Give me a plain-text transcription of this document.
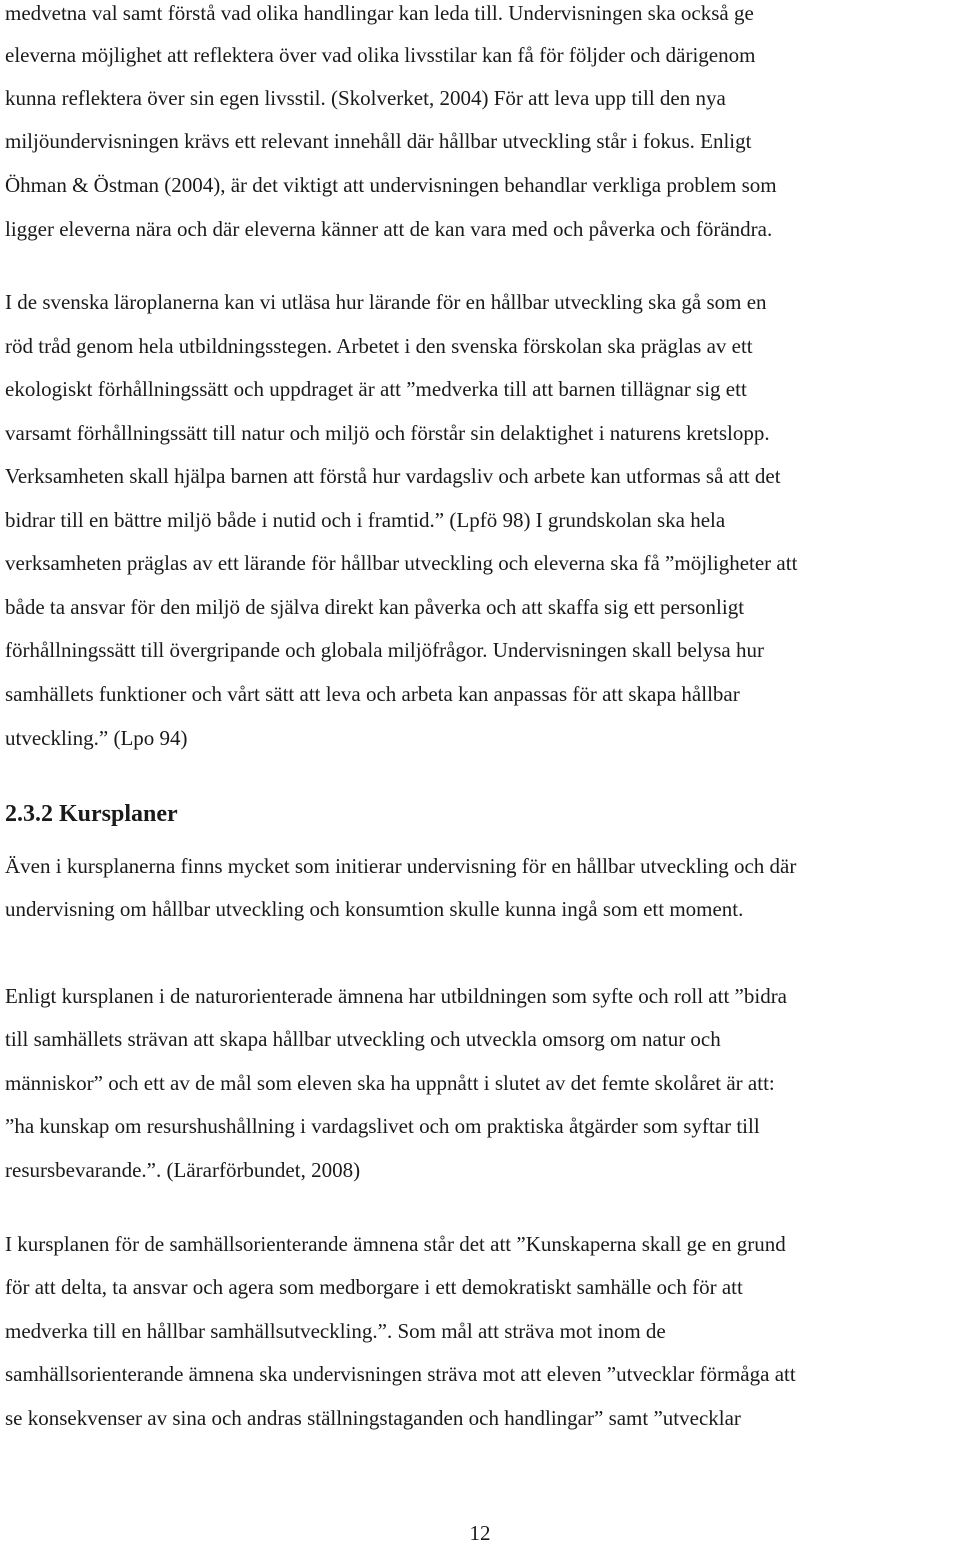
medvetna val samt förstå vad olika handlingar kan leda till. Undervisningen ska också ge
eleverna möjlighet att reflektera över vad olika livsstilar kan få för följder och därigenom
kunna reflektera över sin egen livsstil. (Skolverket, 2004) För att leva upp till den nya
miljöundervisningen krävs ett relevant innehåll där hållbar utveckling står i fokus. Enligt
Öhman & Östman (2004), är det viktigt att undervisningen behandlar verkliga problem som
ligger eleverna nära och där eleverna känner att de kan vara med och påverka och förändra.
I de svenska läroplanerna kan vi utläsa hur lärande för en hållbar utveckling ska gå som en
röd tråd genom hela utbildningsstegen. Arbetet i den svenska förskolan ska präglas av ett
ekologiskt förhållningssätt och uppdraget är att ”medverka till att barnen tillägnar sig ett
varsamt förhållningssätt till natur och miljö och förstår sin delaktighet i naturens kretslopp.
Verksamheten skall hjälpa barnen att förstå hur vardagsliv och arbete kan utformas så att det
bidrar till en bättre miljö både i nutid och i framtid.” (Lpfö 98) I grundskolan ska hela
verksamheten präglas av ett lärande för hållbar utveckling och eleverna ska få ”möjligheter att
både ta ansvar för den miljö de själva direkt kan påverka och att skaffa sig ett personligt
förhållningssätt till övergripande och globala miljöfrågor. Undervisningen skall belysa hur
samhällets funktioner och vårt sätt att leva och arbeta kan anpassas för att skapa hållbar
utveckling.” (Lpo 94)
2.3.2 Kursplaner
Även i kursplanerna finns mycket som initierar undervisning för en hållbar utveckling och där
undervisning om hållbar utveckling och konsumtion skulle kunna ingå som ett moment.
Enligt kursplanen i de naturorienterade ämnena har utbildningen som syfte och roll att ”bidra
till samhällets strävan att skapa hållbar utveckling och utveckla omsorg om natur och
människor” och ett av de mål som eleven ska ha uppnått i slutet av det femte skolåret är att:
”ha kunskap om resurshushållning i vardagslivet och om praktiska åtgärder som syftar till
resursbevarande.”. (Lärarförbundet, 2008)
I kursplanen för de samhällsorienterande ämnena står det att ”Kunskaperna skall ge en grund
för att delta, ta ansvar och agera som medborgare i ett demokratiskt samhälle och för att
medverka till en hållbar samhällsutveckling.”. Som mål att sträva mot inom de
samhällsorienterande ämnena ska undervisningen sträva mot att eleven ”utvecklar förmåga att
se konsekvenser av sina och andras ställningstaganden och handlingar” samt ”utvecklar
12
